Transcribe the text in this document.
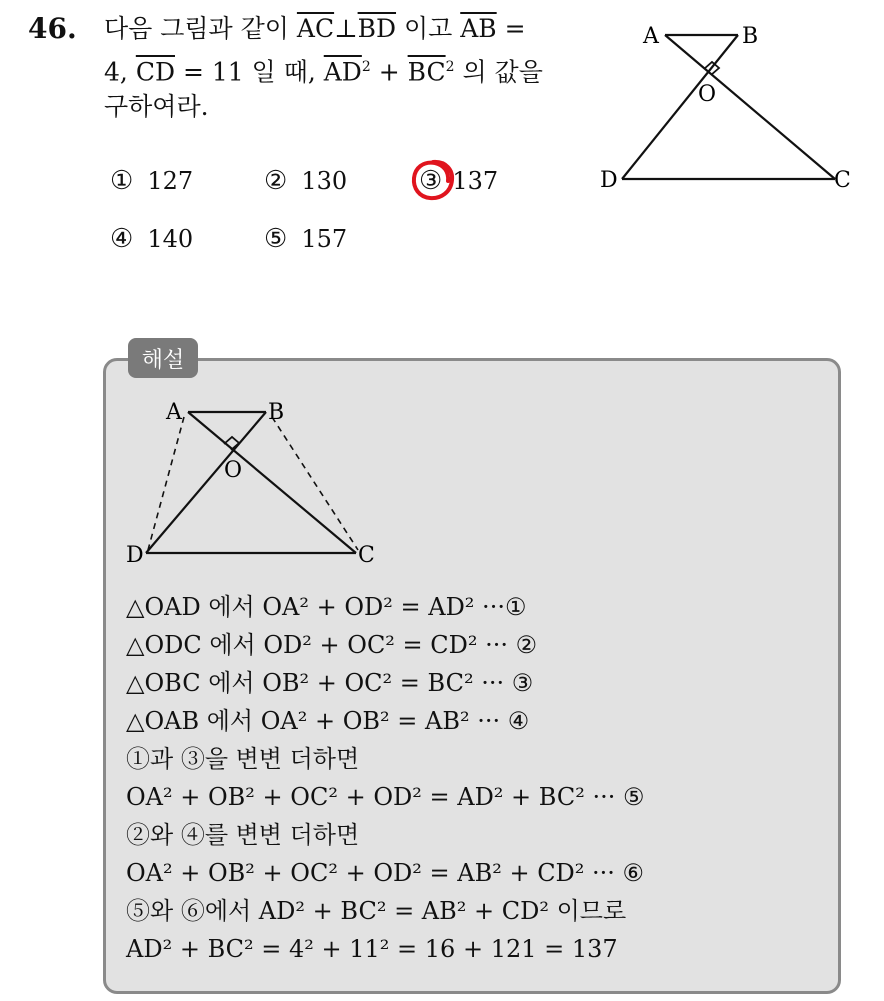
46. 다음 그림과 같이 $\overline{AC}\perp\overline{BD}$ 이고 $\overline{AB}$ =
4, $\overline{CD} = 11$ 일 때, $\overline{AD}^2 + \overline{BC}^2$ 의 값을
구하여라.
① 127	② 130	③ 137
④ 140	⑤ 157
A	B
O
D	C
해설
A	B
O
D	C
△OAD 에서 OA² + OD² = AD² ···①
△ODC 에서 OD² + OC² = CD² ··· ②
△OBC 에서 OB² + OC² = BC² ··· ③
△OAB 에서 OA² + OB² = AB² ··· ④
①과 ③을 변변 더하면
OA² + OB² + OC² + OD² = AD² + BC² ··· ⑤
②와 ④를 변변 더하면
OA² + OB² + OC² + OD² = AB² + CD² ··· ⑥
⑤와 ⑥에서 AD² + BC² = AB² + CD² 이므로
AD² + BC² = 4² + 11² = 16 + 121 = 137
